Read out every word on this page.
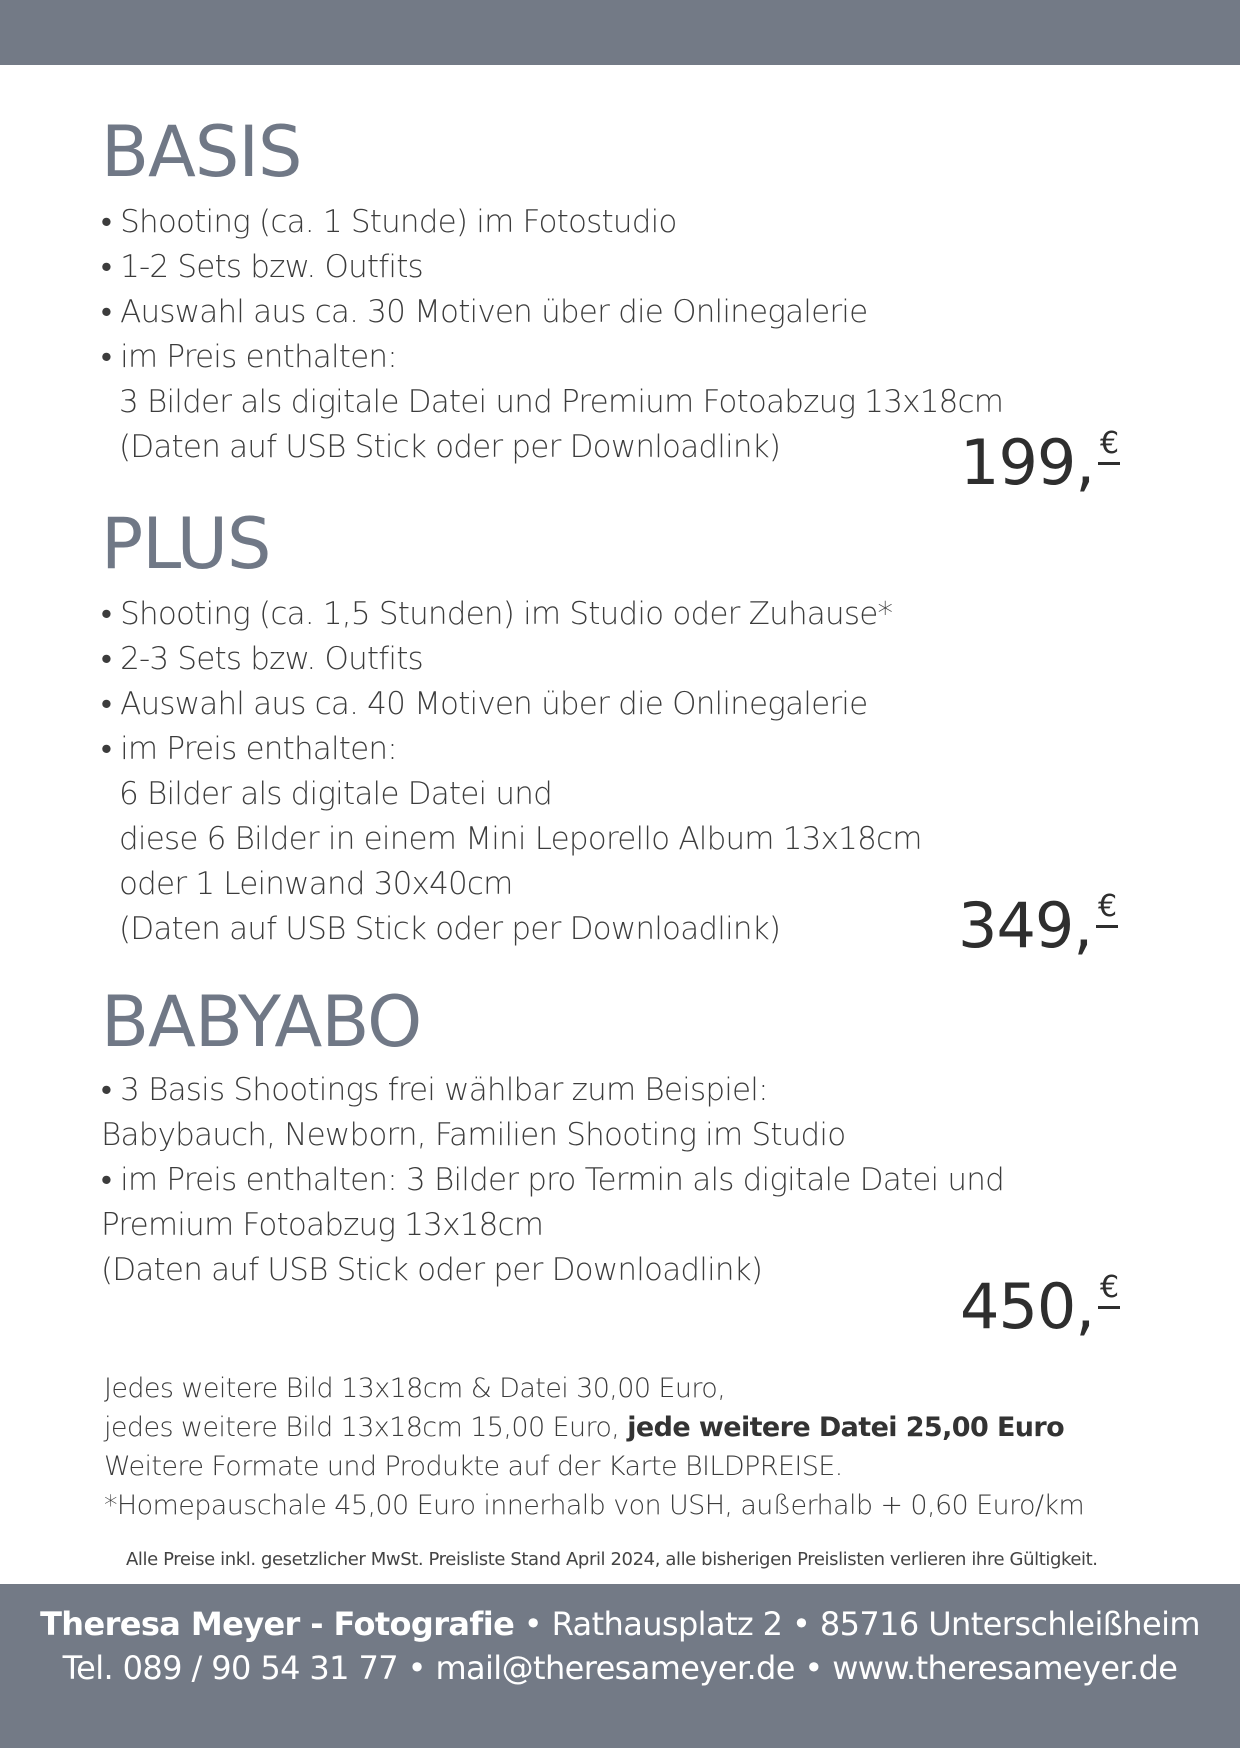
BASIS
• Shooting (ca. 1 Stunde) im Fotostudio
• 1-2 Sets bzw. Outfits
• Auswahl aus ca. 30 Motiven über die Onlinegalerie
• im Preis enthalten:
3 Bilder als digitale Datei und Premium Fotoabzug 13x18cm
(Daten auf USB Stick oder per Downloadlink)	199, €
PLUS
• Shooting (ca. 1,5 Stunden) im Studio oder Zuhause*
• 2-3 Sets bzw. Outfits
• Auswahl aus ca. 40 Motiven über die Onlinegalerie
• im Preis enthalten:
6 Bilder als digitale Datei und
diese 6 Bilder in einem Mini Leporello Album 13x18cm
oder 1 Leinwand 30x40cm
(Daten auf USB Stick oder per Downloadlink)	349, €
BABYABO
• 3 Basis Shootings frei wählbar zum Beispiel:
Babybauch, Newborn, Familien Shooting im Studio
• im Preis enthalten: 3 Bilder pro Termin als digitale Datei und
Premium Fotoabzug 13x18cm
(Daten auf USB Stick oder per Downloadlink)	450, €
Jedes weitere Bild 13x18cm & Datei 30,00 Euro,
jedes weitere Bild 13x18cm 15,00 Euro, jede weitere Datei 25,00 Euro
Weitere Formate und Produkte auf der Karte BILDPREISE.
*Homepauschale 45,00 Euro innerhalb von USH, außerhalb + 0,60 Euro/km
Alle Preise inkl. gesetzlicher MwSt. Preisliste Stand April 2024, alle bisherigen Preislisten verlieren ihre Gültigkeit.
Theresa Meyer - Fotografie • Rathausplatz 2 • 85716 Unterschleißheim
Tel. 089 / 90 54 31 77 • mail@theresameyer.de • www.theresameyer.de
